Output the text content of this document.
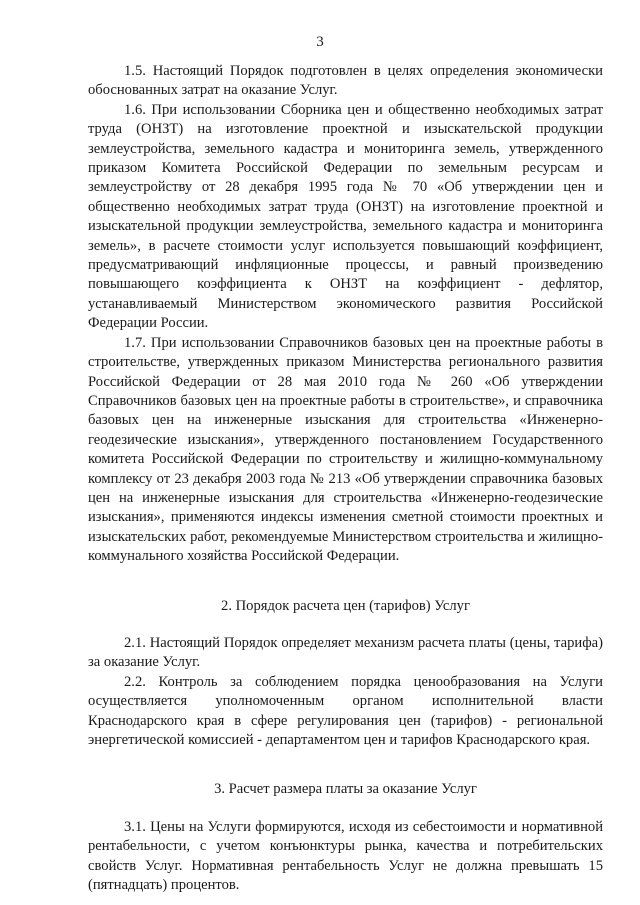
3

1.5. Настоящий Порядок подготовлен в целях определения экономически обоснованных затрат на оказание Услуг.

1.6. При использовании Сборника цен и общественно необходимых затрат труда (ОНЗТ) на изготовление проектной и изыскательской продукции землеустройства, земельного кадастра и мониторинга земель, утвержденного приказом Комитета Российской Федерации по земельным ресурсам и землеустройству от 28 декабря 1995 года № 70 «Об утверждении цен и общественно необходимых затрат труда (ОНЗТ) на изготовление проектной и изыскательной продукции землеустройства, земельного кадастра и мониторинга земель», в расчете стоимости услуг используется повышающий коэффициент, предусматривающий инфляционные процессы, и равный произведению повышающего коэффициента к ОНЗТ на коэффициент - дефлятор, устанавливаемый Министерством экономического развития Российской Федерации России.

1.7. При использовании Справочников базовых цен на проектные работы в строительстве, утвержденных приказом Министерства регионального развития Российской Федерации от 28 мая 2010 года № 260 «Об утверждении Справочников базовых цен на проектные работы в строительстве», и справочника базовых цен на инженерные изыскания для строительства «Инженерно-геодезические изыскания», утвержденного постановлением Государственного комитета Российской Федерации по строительству и жилищно-коммунальному комплексу от 23 декабря 2003 года № 213 «Об утверждении справочника базовых цен на инженерные изыскания для строительства «Инженерно-геодезические изыскания», применяются индексы изменения сметной стоимости проектных и изыскательских работ, рекомендуемые Министерством строительства и жилищно-коммунального хозяйства Российской Федерации.

2. Порядок расчета цен (тарифов) Услуг

2.1. Настоящий Порядок определяет механизм расчета платы (цены, тарифа) за оказание Услуг.

2.2. Контроль за соблюдением порядка ценообразования на Услуги осуществляется уполномоченным органом исполнительной власти Краснодарского края в сфере регулирования цен (тарифов) - региональной энергетической комиссией - департаментом цен и тарифов Краснодарского края.

3. Расчет размера платы за оказание Услуг

3.1. Цены на Услуги формируются, исходя из себестоимости и нормативной рентабельности, с учетом конъюнктуры рынка, качества и потребительских свойств Услуг. Нормативная рентабельность Услуг не должна превышать 15 (пятнадцать) процентов.
